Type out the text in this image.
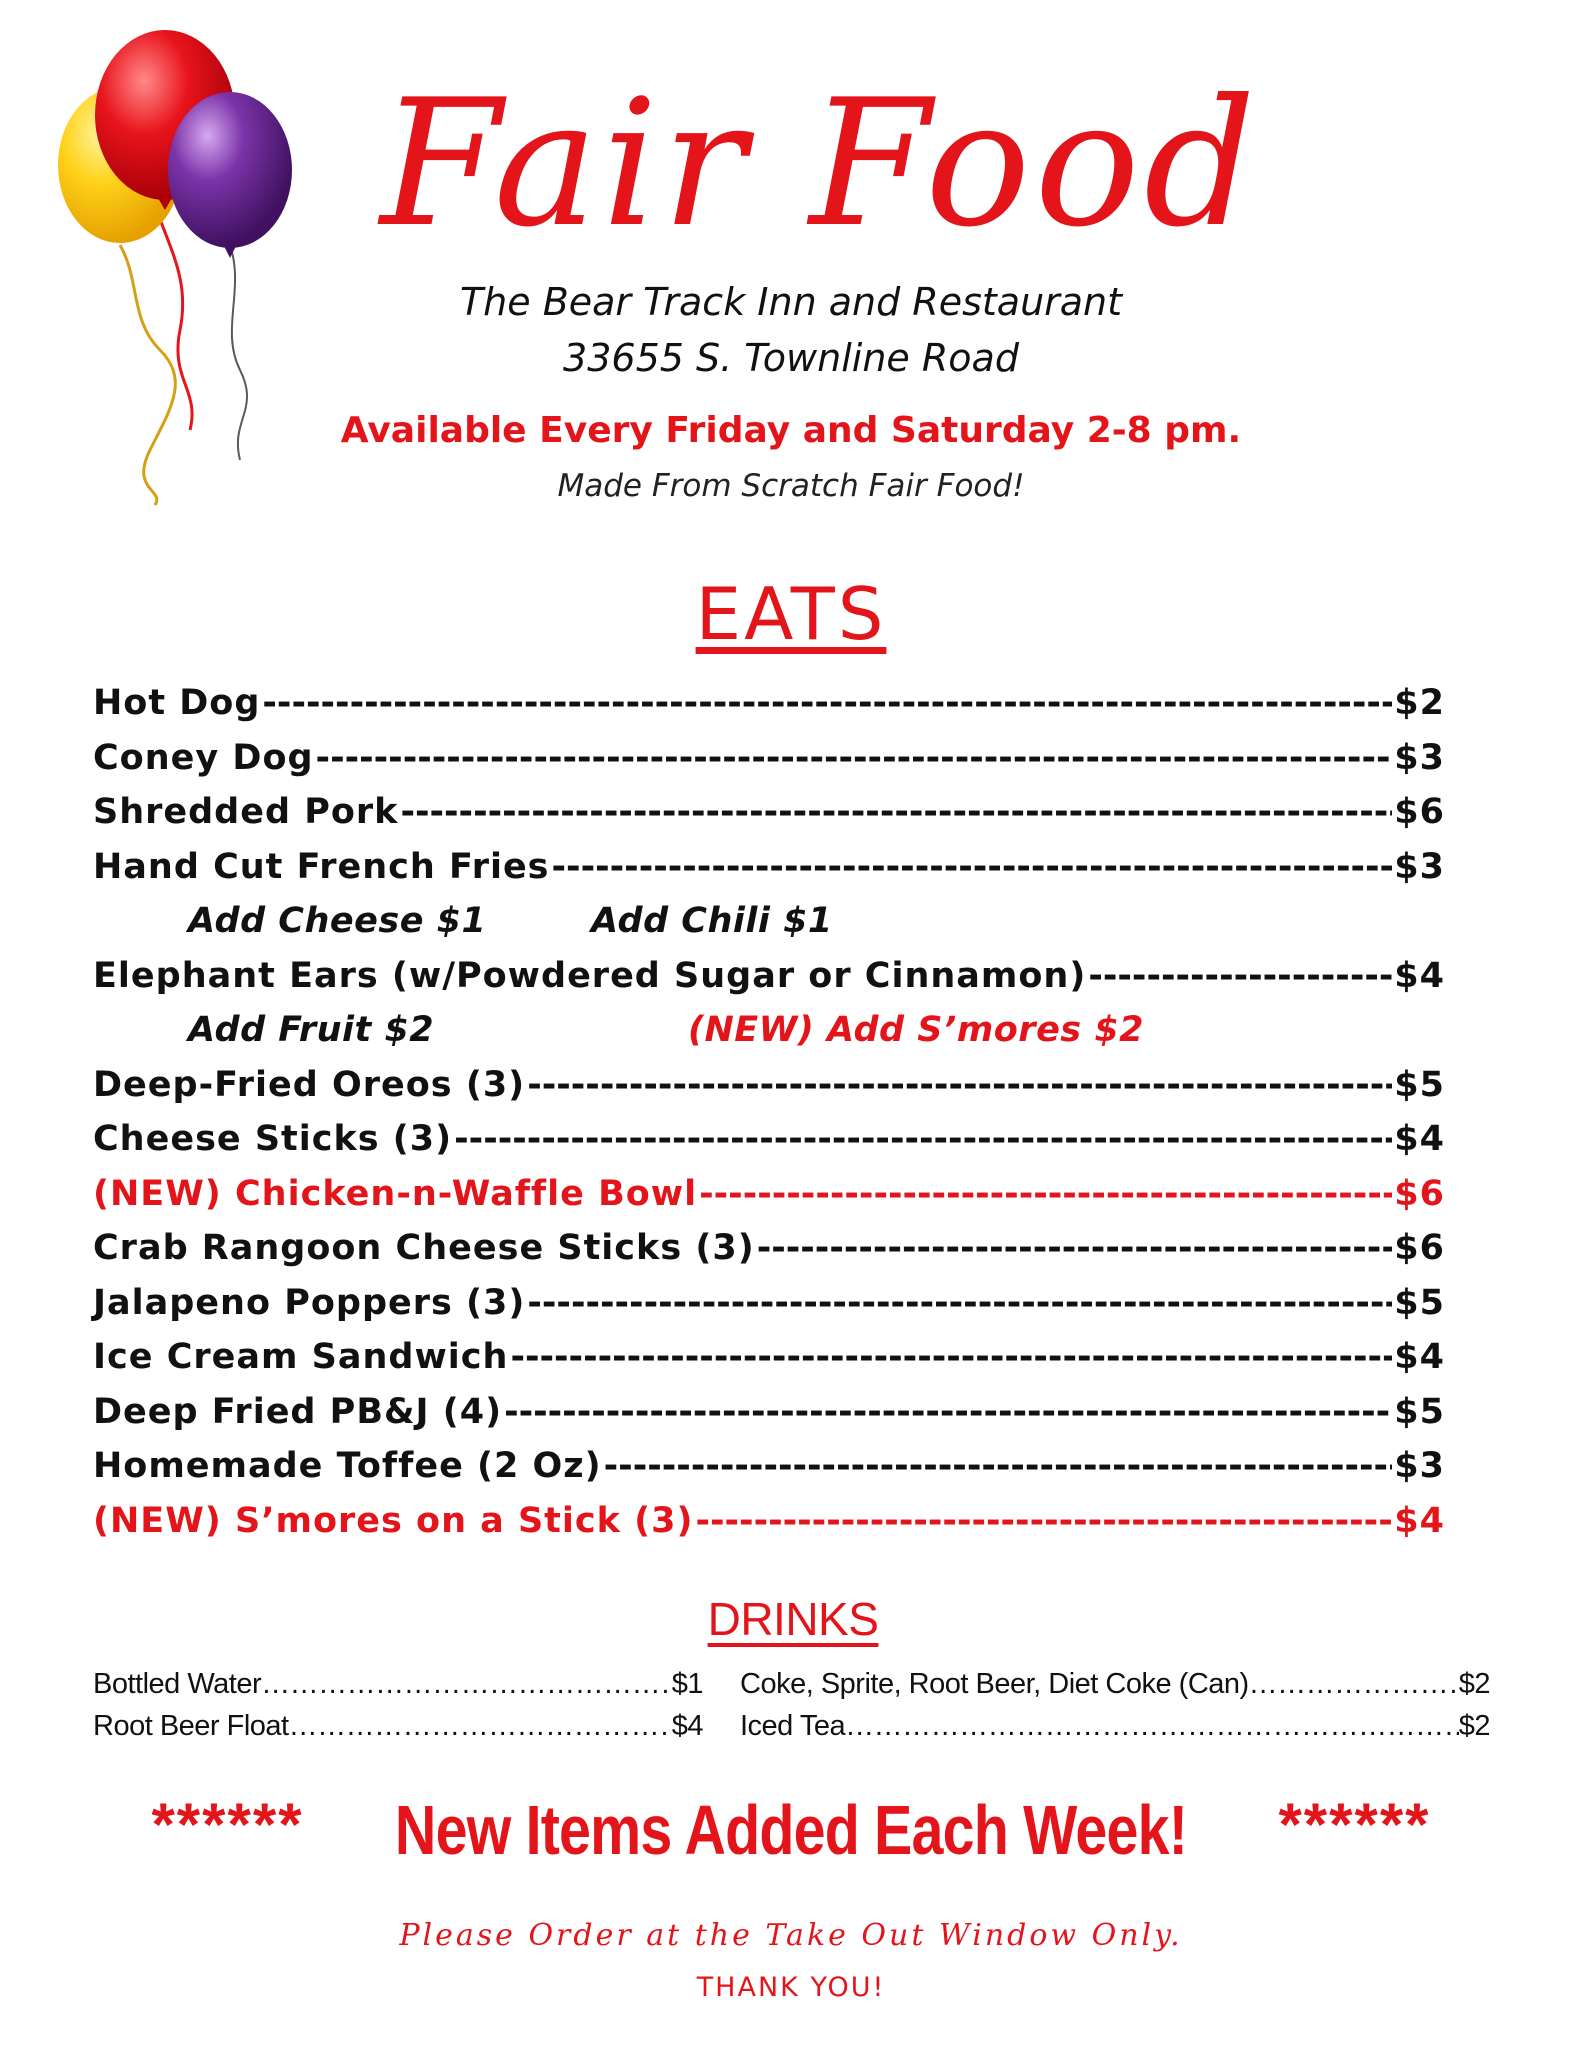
Fair Food
The Bear Track Inn and Restaurant
33655 S. Townline Road
Available Every Friday and Saturday 2-8 pm.
Made From Scratch Fair Food!
EATS
Hot Dog -----	$2
Coney Dog -----	$3
Shredded Pork -----	$6
Hand Cut French Fries -----	$3
Add Cheese $1	Add Chili $1
Elephant Ears (w/Powdered Sugar or Cinnamon) -----	$4
Add Fruit $2	(NEW) Add S’mores $2
Deep-Fried Oreos (3) -----	$5
Cheese Sticks (3) -----	$4
(NEW) Chicken-n-Waffle Bowl -----	$6
Crab Rangoon Cheese Sticks (3) -----	$6
Jalapeno Poppers (3) -----	$5
Ice Cream Sandwich -----	$4
Deep Fried PB&J (4) -----	$5
Homemade Toffee (2 Oz) -----	$3
(NEW) S’mores on a Stick (3) -----	$4
DRINKS
Bottled Water …………………………………………………………………………………………………………………	$1 Coke, Sprite, Root Beer, Diet Coke (Can) …………………………………………………………………………………………………………………	$2
Root Beer Float …………………………………………………………………………………………………………………	$4 Iced Tea …………………………………………………………………………………………………………………	$2
****** New Items Added Each Week! ******
Please Order at the Take Out Window Only.
THANK YOU!
